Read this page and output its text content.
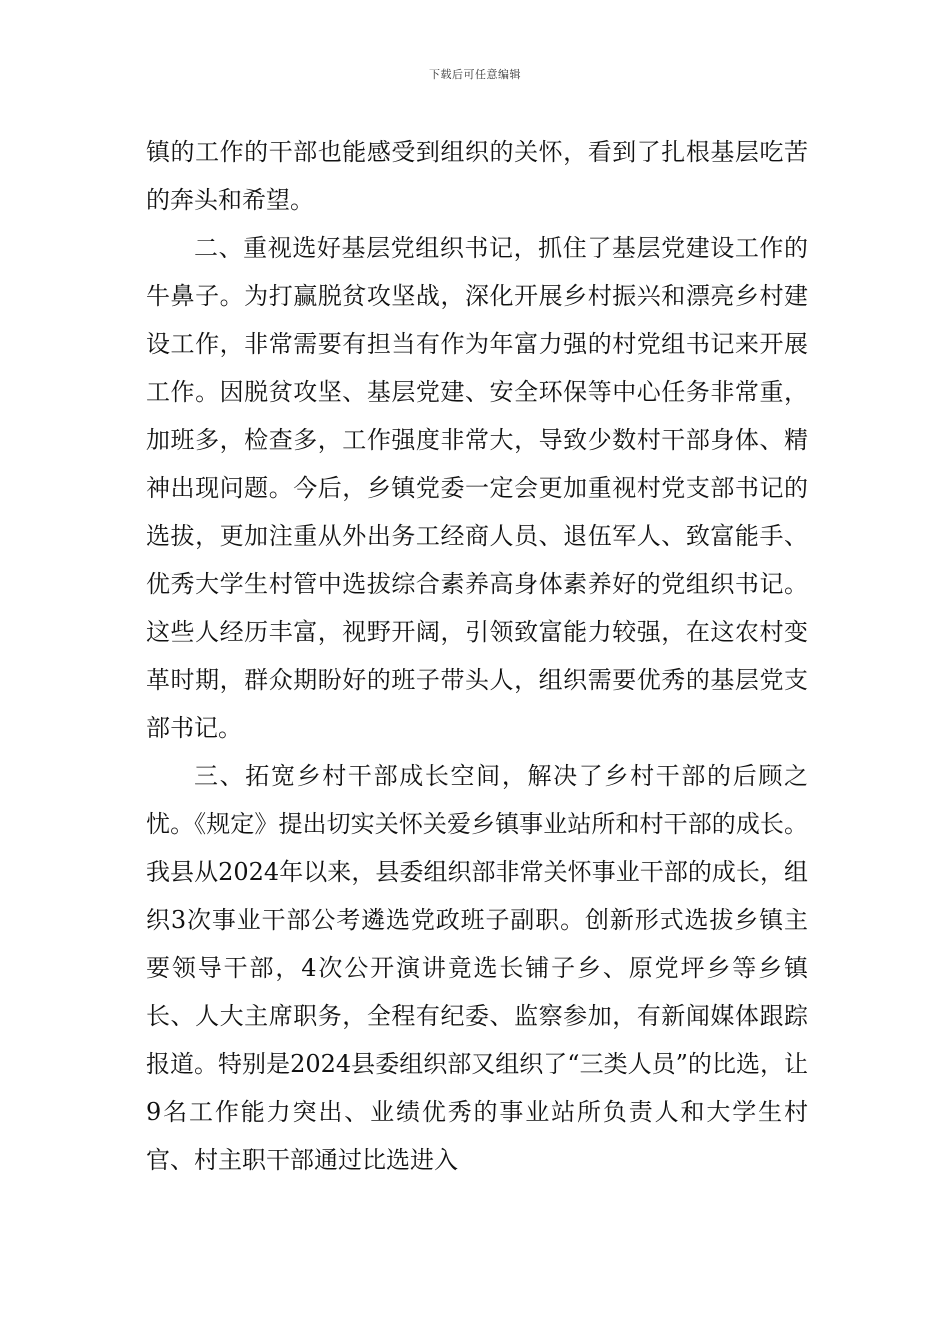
下载后可任意编辑

镇的工作的干部也能感受到组织的关怀，看到了扎根基层吃苦的奔头和希望。

二、重视选好基层党组织书记，抓住了基层党建设工作的牛鼻子。为打赢脱贫攻坚战，深化开展乡村振兴和漂亮乡村建设工作，非常需要有担当有作为年富力强的村党组书记来开展工作。因脱贫攻坚、基层党建、安全环保等中心任务非常重，加班多，检查多，工作强度非常大，导致少数村干部身体、精神出现问题。今后，乡镇党委一定会更加重视村党支部书记的选拔，更加注重从外出务工经商人员、退伍军人、致富能手、优秀大学生村管中选拔综合素养高身体素养好的党组织书记。这些人经历丰富，视野开阔，引领致富能力较强，在这农村变革时期，群众期盼好的班子带头人，组织需要优秀的基层党支部书记。

三、拓宽乡村干部成长空间，解决了乡村干部的后顾之忧。《规定》提出切实关怀关爱乡镇事业站所和村干部的成长。我县从2024年以来，县委组织部非常关怀事业干部的成长，组织3次事业干部公考遴选党政班子副职。创新形式选拔乡镇主要领导干部，4次公开演讲竟选长铺子乡、原党坪乡等乡镇长、人大主席职务，全程有纪委、监察参加，有新闻媒体跟踪报道。特别是2024县委组织部又组织了“三类人员”的比选，让9名工作能力突出、业绩优秀的事业站所负责人和大学生村官、村主职干部通过比选进入
